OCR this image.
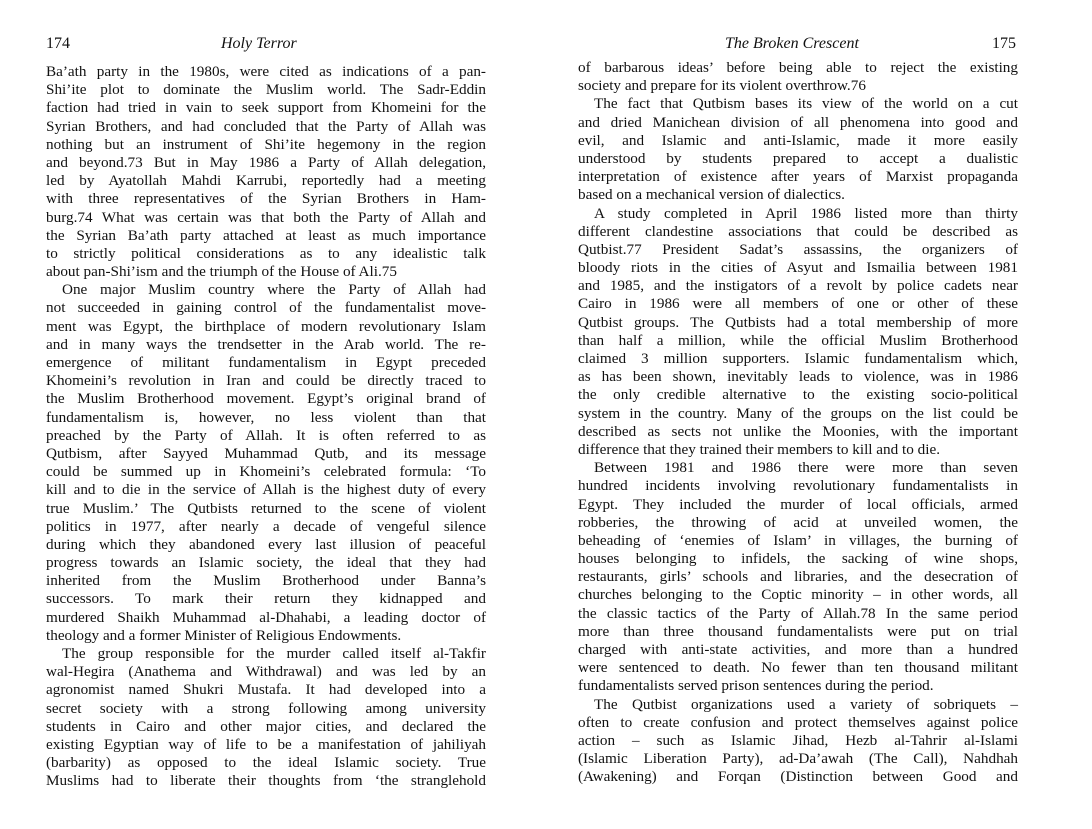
174	Holy Terror
Ba’ath party in the 1980s, were cited as indications of a pan-
Shi’ite plot to dominate the Muslim world. The Sadr-Eddin
faction had tried in vain to seek support from Khomeini for the
Syrian Brothers, and had concluded that the Party of Allah was
nothing but an instrument of Shi’ite hegemony in the region
and beyond.73 But in May 1986 a Party of Allah delegation,
led by Ayatollah Mahdi Karrubi, reportedly had a meeting
with three representatives of the Syrian Brothers in Ham-
burg.74 What was certain was that both the Party of Allah and
the Syrian Ba’ath party attached at least as much importance
to strictly political considerations as to any idealistic talk
about pan-Shi’ism and the triumph of the House of Ali.75
One major Muslim country where the Party of Allah had
not succeeded in gaining control of the fundamentalist move-
ment was Egypt, the birthplace of modern revolutionary Islam
and in many ways the trendsetter in the Arab world. The re-
emergence of militant fundamentalism in Egypt preceded
Khomeini’s revolution in Iran and could be directly traced to
the Muslim Brotherhood movement. Egypt’s original brand of
fundamentalism is, however, no less violent than that
preached by the Party of Allah. It is often referred to as
Qutbism, after Sayyed Muhammad Qutb, and its message
could be summed up in Khomeini’s celebrated formula: ‘To
kill and to die in the service of Allah is the highest duty of every
true Muslim.’ The Qutbists returned to the scene of violent
politics in 1977, after nearly a decade of vengeful silence
during which they abandoned every last illusion of peaceful
progress towards an Islamic society, the ideal that they had
inherited from the Muslim Brotherhood under Banna’s
successors. To mark their return they kidnapped and
murdered Shaikh Muhammad al-Dhahabi, a leading doctor of
theology and a former Minister of Religious Endowments.
The group responsible for the murder called itself al-Takfir
wal-Hegira (Anathema and Withdrawal) and was led by an
agronomist named Shukri Mustafa. It had developed into a
secret society with a strong following among university
students in Cairo and other major cities, and declared the
existing Egyptian way of life to be a manifestation of jahiliyah
(barbarity) as opposed to the ideal Islamic society. True
Muslims had to liberate their thoughts from ‘the stranglehold
The Broken Crescent	175
of barbarous ideas’ before being able to reject the existing
society and prepare for its violent overthrow.76
The fact that Qutbism bases its view of the world on a cut
and dried Manichean division of all phenomena into good and
evil, and Islamic and anti-Islamic, made it more easily
understood by students prepared to accept a dualistic
interpretation of existence after years of Marxist propaganda
based on a mechanical version of dialectics.
A study completed in April 1986 listed more than thirty
different clandestine associations that could be described as
Qutbist.77 President Sadat’s assassins, the organizers of
bloody riots in the cities of Asyut and Ismailia between 1981
and 1985, and the instigators of a revolt by police cadets near
Cairo in 1986 were all members of one or other of these
Qutbist groups. The Qutbists had a total membership of more
than half a million, while the official Muslim Brotherhood
claimed 3 million supporters. Islamic fundamentalism which,
as has been shown, inevitably leads to violence, was in 1986
the only credible alternative to the existing socio-political
system in the country. Many of the groups on the list could be
described as sects not unlike the Moonies, with the important
difference that they trained their members to kill and to die.
Between 1981 and 1986 there were more than seven
hundred incidents involving revolutionary fundamentalists in
Egypt. They included the murder of local officials, armed
robberies, the throwing of acid at unveiled women, the
beheading of ‘enemies of Islam’ in villages, the burning of
houses belonging to infidels, the sacking of wine shops,
restaurants, girls’ schools and libraries, and the desecration of
churches belonging to the Coptic minority – in other words, all
the classic tactics of the Party of Allah.78 In the same period
more than three thousand fundamentalists were put on trial
charged with anti-state activities, and more than a hundred
were sentenced to death. No fewer than ten thousand militant
fundamentalists served prison sentences during the period.
The Qutbist organizations used a variety of sobriquets –
often to create confusion and protect themselves against police
action – such as Islamic Jihad, Hezb al-Tahrir al-Islami
(Islamic Liberation Party), ad-Da’awah (The Call), Nahdhah
(Awakening) and Forqan (Distinction between Good and
